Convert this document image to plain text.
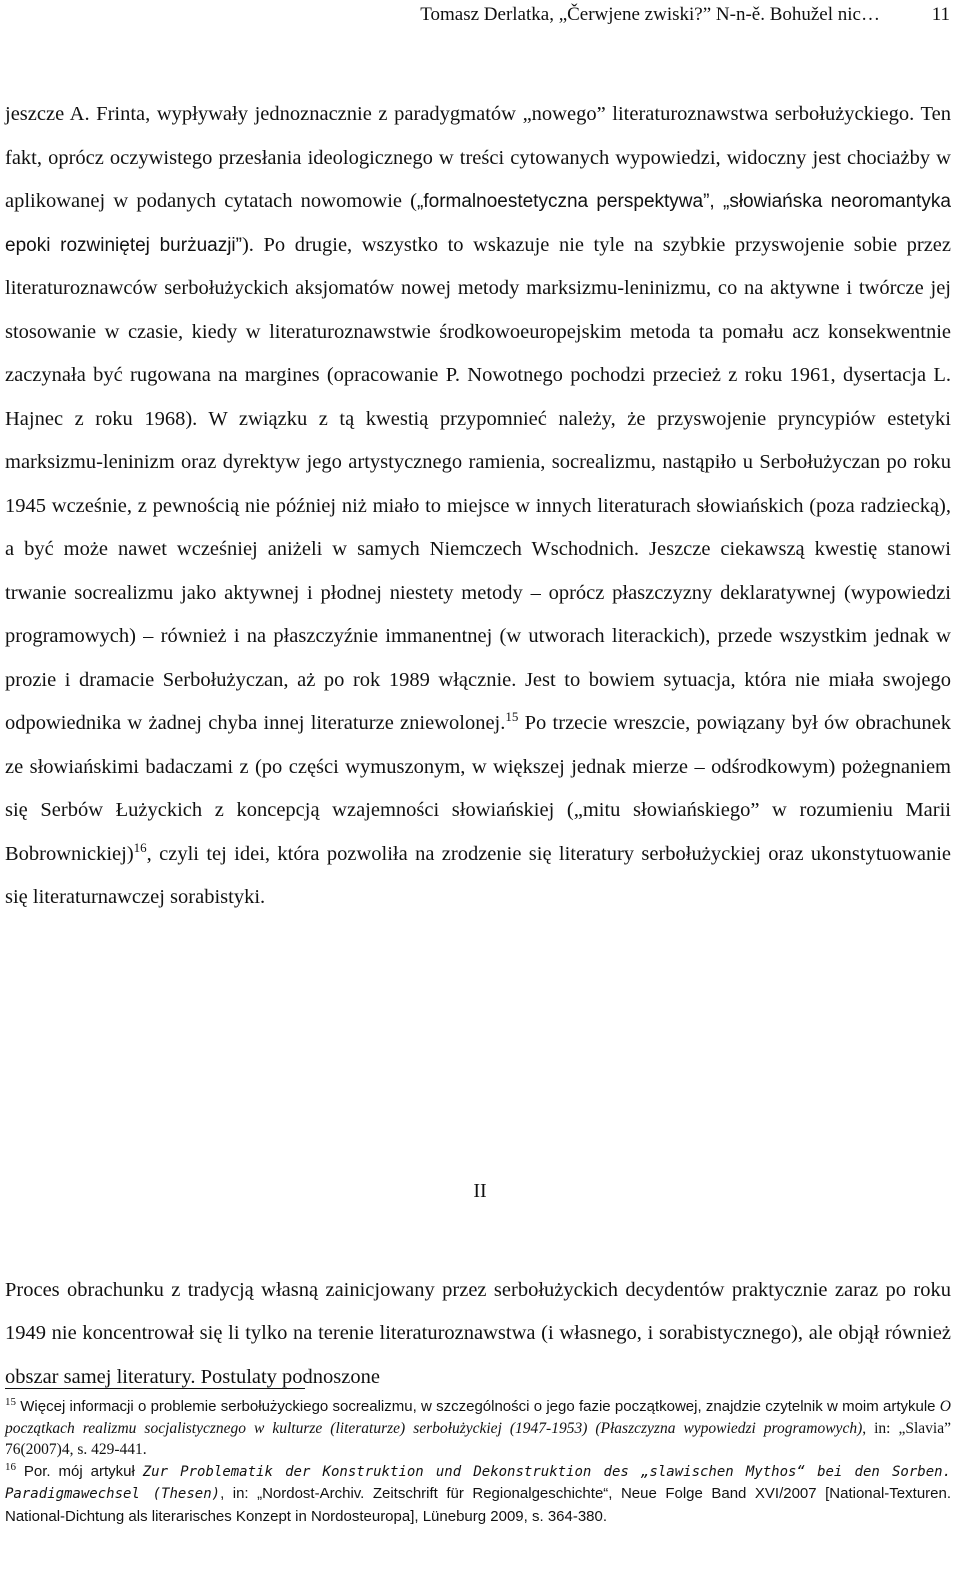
Tomasz Derlatka, „Čerwjene zwiski?” N-n-ě. Bohužel nic…	11

jeszcze A. Frinta, wypływały jednoznacznie z paradygmatów „nowego” literaturoznawstwa serbołużyckiego. Ten fakt, oprócz oczywistego przesłania ideologicznego w treści cytowanych wypowiedzi, widoczny jest chociażby w aplikowanej w podanych cytatach nowomowie („formalnoestetyczna perspektywa”, „słowiańska neoromantyka epoki rozwiniętej burżuazji”). Po drugie, wszystko to wskazuje nie tyle na szybkie przyswojenie sobie przez literaturoznawców serbołużyckich aksjomatów nowej metody marksizmu-leninizmu, co na aktywne i twórcze jej stosowanie w czasie, kiedy w literaturoznawstwie środkowoeuropejskim metoda ta pomału acz konsekwentnie zaczynała być rugowana na margines (opracowanie P. Nowotnego pochodzi przecież z roku 1961, dysertacja L. Hajnec z roku 1968). W związku z tą kwestią przypomnieć należy, że przyswojenie pryncypiów estetyki marksizmu-leninizm oraz dyrektyw jego artystycznego ramienia, socrealizmu, nastąpiło u Serbołużyczan po roku 1945 wcześnie, z pewnością nie później niż miało to miejsce w innych literaturach słowiańskich (poza radziecką), a być może nawet wcześniej aniżeli w samych Niemczech Wschodnich. Jeszcze ciekawszą kwestię stanowi trwanie socrealizmu jako aktywnej i płodnej niestety metody – oprócz płaszczyzny deklaratywnej (wypowiedzi programowych) – również i na płaszczyźnie immanentnej (w utworach literackich), przede wszystkim jednak w prozie i dramacie Serbołużyczan, aż po rok 1989 włącznie. Jest to bowiem sytuacja, która nie miała swojego odpowiednika w żadnej chyba innej literaturze zniewolonej.$^{15}$ Po trzecie wreszcie, powiązany był ów obrachunek ze słowiańskimi badaczami z (po części wymuszonym, w większej jednak mierze – odśrodkowym) pożegnaniem się Serbów Łużyckich z koncepcją wzajemności słowiańskiej („mitu słowiańskiego” w rozumieniu Marii Bobrownickiej)$^{16}$, czyli tej idei, która pozwoliła na zrodzenie się literatury serbołużyckiej oraz ukonstytuowanie się literaturnawczej sorabistyki.

II

Proces obrachunku z tradycją własną zainicjowany przez serbołużyckich decydentów praktycznie zaraz po roku 1949 nie koncentrował się li tylko na terenie literaturoznawstwa (i własnego, i sorabistycznego), ale objął również obszar samej literatury. Postulaty podnoszone

$^{15}$ Więcej informacji o problemie serbołużyckiego socrealizmu, w szczególności o jego fazie początkowej, znajdzie czytelnik w moim artykule O początkach realizmu socjalistycznego w kulturze (literaturze) serbołużyckiej (1947-1953) (Płaszczyzna wypowiedzi programowych), in: „Slavia” 76(2007)4, s. 429-441.

$^{16}$ Por. mój artykuł Zur Problematik der Konstruktion und Dekonstruktion des „slawischen Mythos“ bei den Sorben. Paradigmawechsel (Thesen), in: „Nordost-Archiv. Zeitschrift für Regionalgeschichte“, Neue Folge Band XVI/2007 [National-Texturen. National-Dichtung als literarisches Konzept in Nordosteuropa], Lüneburg 2009, s. 364-380.
